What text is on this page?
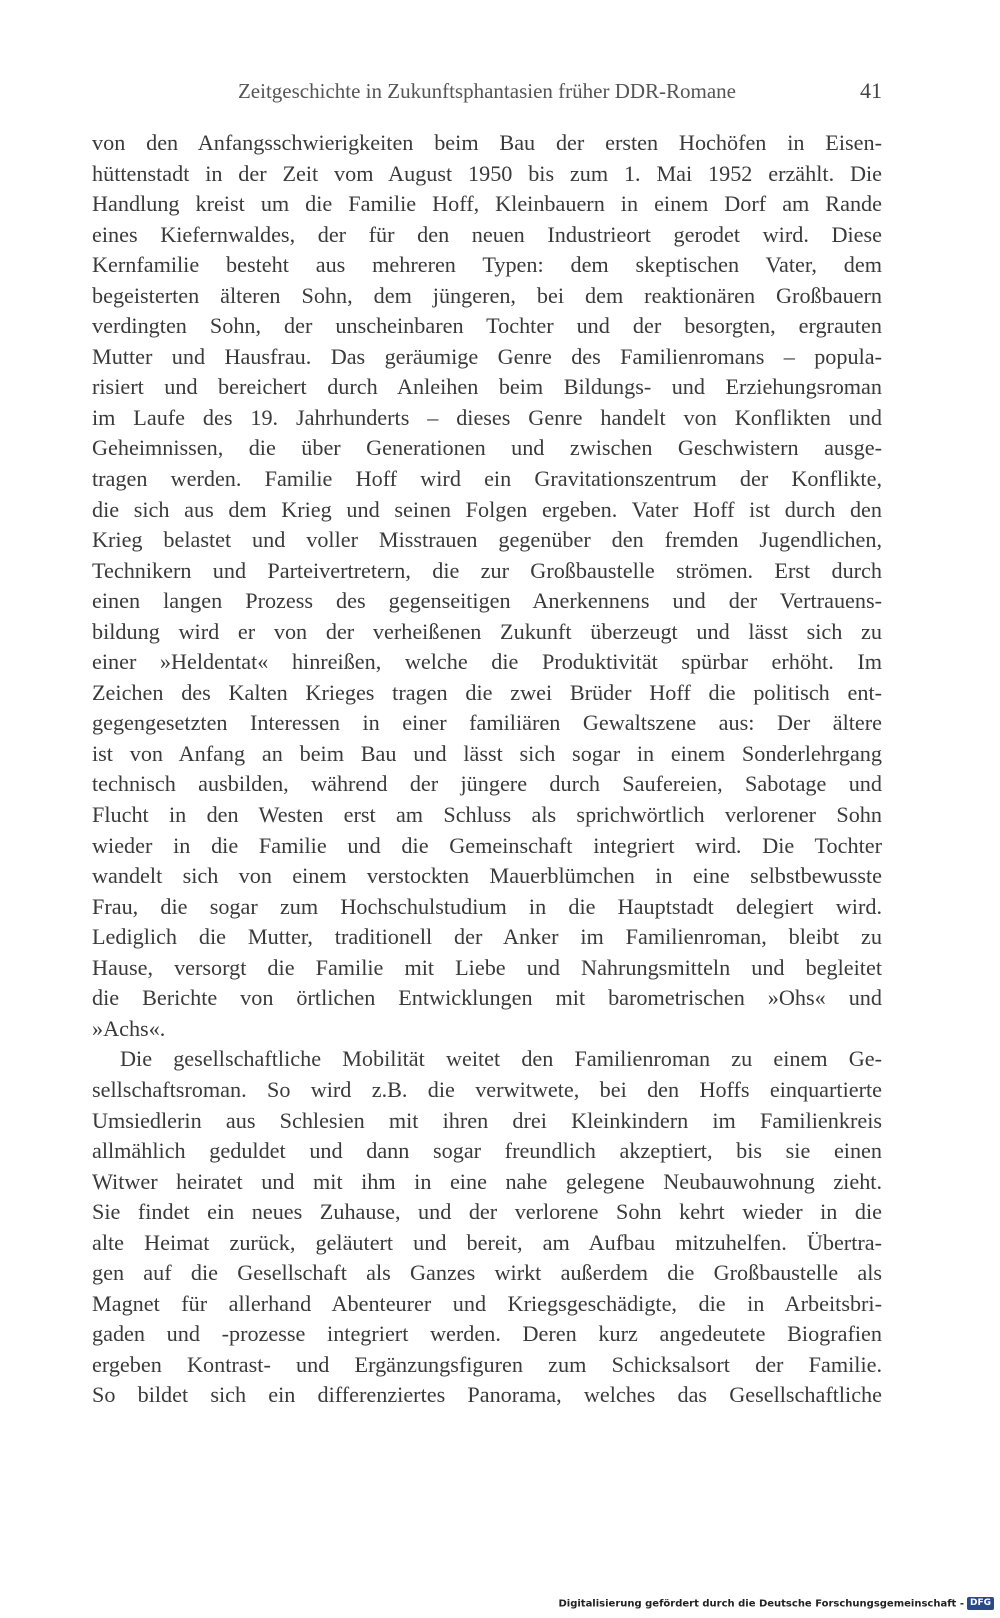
Zeitgeschichte in Zukunftsphantasien früher DDR-Romane	41
von den Anfangsschwierigkeiten beim Bau der ersten Hochöfen in Eisen-
hüttenstadt in der Zeit vom August 1950 bis zum 1. Mai 1952 erzählt. Die
Handlung kreist um die Familie Hoff, Kleinbauern in einem Dorf am Rande
eines Kiefernwaldes, der für den neuen Industrieort gerodet wird. Diese
Kernfamilie besteht aus mehreren Typen: dem skeptischen Vater, dem
begeisterten älteren Sohn, dem jüngeren, bei dem reaktionären Großbauern
verdingten Sohn, der unscheinbaren Tochter und der besorgten, ergrauten
Mutter und Hausfrau. Das geräumige Genre des Familienromans – popula-
risiert und bereichert durch Anleihen beim Bildungs- und Erziehungsroman
im Laufe des 19. Jahrhunderts – dieses Genre handelt von Konflikten und
Geheimnissen, die über Generationen und zwischen Geschwistern ausge-
tragen werden. Familie Hoff wird ein Gravitationszentrum der Konflikte,
die sich aus dem Krieg und seinen Folgen ergeben. Vater Hoff ist durch den
Krieg belastet und voller Misstrauen gegenüber den fremden Jugendlichen,
Technikern und Parteivertretern, die zur Großbaustelle strömen. Erst durch
einen langen Prozess des gegenseitigen Anerkennens und der Vertrauens-
bildung wird er von der verheißenen Zukunft überzeugt und lässt sich zu
einer »Heldentat« hinreißen, welche die Produktivität spürbar erhöht. Im
Zeichen des Kalten Krieges tragen die zwei Brüder Hoff die politisch ent-
gegengesetzten Interessen in einer familiären Gewaltszene aus: Der ältere
ist von Anfang an beim Bau und lässt sich sogar in einem Sonderlehrgang
technisch ausbilden, während der jüngere durch Saufereien, Sabotage und
Flucht in den Westen erst am Schluss als sprichwörtlich verlorener Sohn
wieder in die Familie und die Gemeinschaft integriert wird. Die Tochter
wandelt sich von einem verstockten Mauerblümchen in eine selbstbewusste
Frau, die sogar zum Hochschulstudium in die Hauptstadt delegiert wird.
Lediglich die Mutter, traditionell der Anker im Familienroman, bleibt zu
Hause, versorgt die Familie mit Liebe und Nahrungsmitteln und begleitet
die Berichte von örtlichen Entwicklungen mit barometrischen »Ohs« und
»Achs«.
Die gesellschaftliche Mobilität weitet den Familienroman zu einem Ge-
sellschaftsroman. So wird z.B. die verwitwete, bei den Hoffs einquartierte
Umsiedlerin aus Schlesien mit ihren drei Kleinkindern im Familienkreis
allmählich geduldet und dann sogar freundlich akzeptiert, bis sie einen
Witwer heiratet und mit ihm in eine nahe gelegene Neubauwohnung zieht.
Sie findet ein neues Zuhause, und der verlorene Sohn kehrt wieder in die
alte Heimat zurück, geläutert und bereit, am Aufbau mitzuhelfen. Übertra-
gen auf die Gesellschaft als Ganzes wirkt außerdem die Großbaustelle als
Magnet für allerhand Abenteurer und Kriegsgeschädigte, die in Arbeitsbri-
gaden und -prozesse integriert werden. Deren kurz angedeutete Biografien
ergeben Kontrast- und Ergänzungsfiguren zum Schicksalsort der Familie.
So bildet sich ein differenziertes Panorama, welches das Gesellschaftliche
Digitalisierung gefördert durch die Deutsche Forschungsgemeinschaft - DFG
